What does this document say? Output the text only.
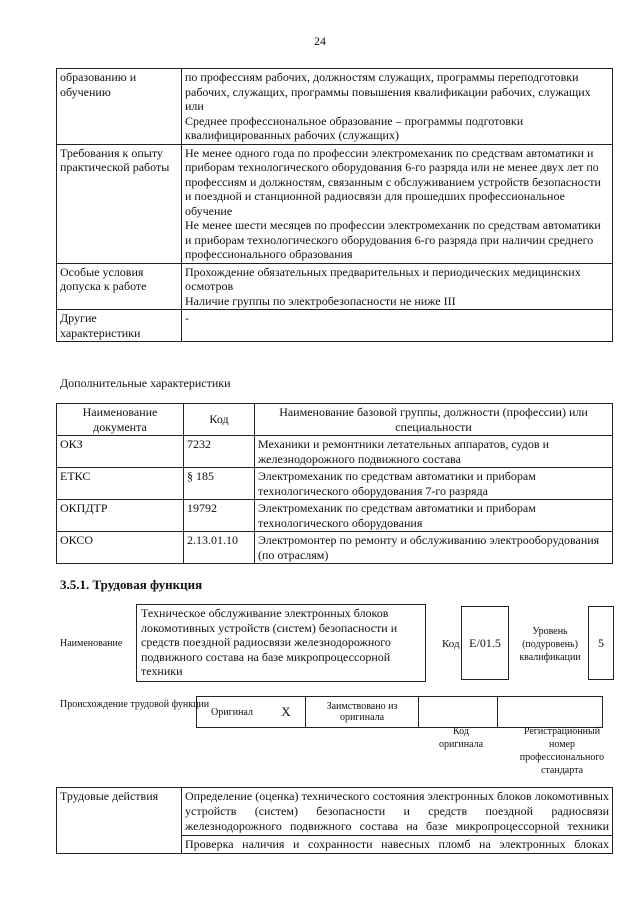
24
образованию и обучению	по профессиям рабочих, должностям служащих, программы переподготовки рабочих, служащих, программы повышения квалификации рабочих, служащих
или
Среднее профессиональное образование – программы подготовки квалифицированных рабочих (служащих)

Требования к опыту практической работы	Не менее одного года по профессии электромеханик по средствам автоматики и приборам технологического оборудования 6-го разряда или не менее двух лет по профессиям и должностям, связанным с обслуживанием устройств безопасности и поездной и станционной радиосвязи для прошедших профессиональное обучение
Не менее шести месяцев по профессии электромеханик по средствам автоматики и приборам технологического оборудования 6-го разряда при наличии среднего профессионального образования

Особые условия допуска к работе	Прохождение обязательных предварительных и периодических медицинских осмотров
Наличие группы по электробезопасности не ниже III

Другие характеристики	-
Дополнительные характеристики
Наименование документа	Код	Наименование базовой группы, должности (профессии) или специальности
ОКЗ	7232	Механики и ремонтники летательных аппаратов, судов и железнодорожного подвижного состава
ЕТКС	§ 185	Электромеханик по средствам автоматики и приборам технологического оборудования 7-го разряда
ОКПДТР	19792	Электромеханик по средствам автоматики и приборам технологического оборудования
ОКСО	2.13.01.10	Электромонтер по ремонту и обслуживанию электрооборудования (по отраслям)
3.5.1. Трудовая функция
Наименование
Техническое обслуживание электронных блоков локомотивных устройств (систем) безопасности и средств поездной радиосвязи железнодорожного подвижного состава на базе микропроцессорной техники
Код E/01.5
Уровень (подуровень) квалификации
5
Происхождение трудовой функции
Оригинал	X	Заимствовано из оригинала		
Код оригинала
Регистрационный номер профессионального стандарта
Трудовые действия	Определение (оценка) технического состояния электронных блоков локомотивных устройств (систем) безопасности и средств поездной радиосвязи железнодорожного подвижного состава на базе микропроцессорной техники
Проверка наличия и сохранности навесных пломб на электронных блоках
